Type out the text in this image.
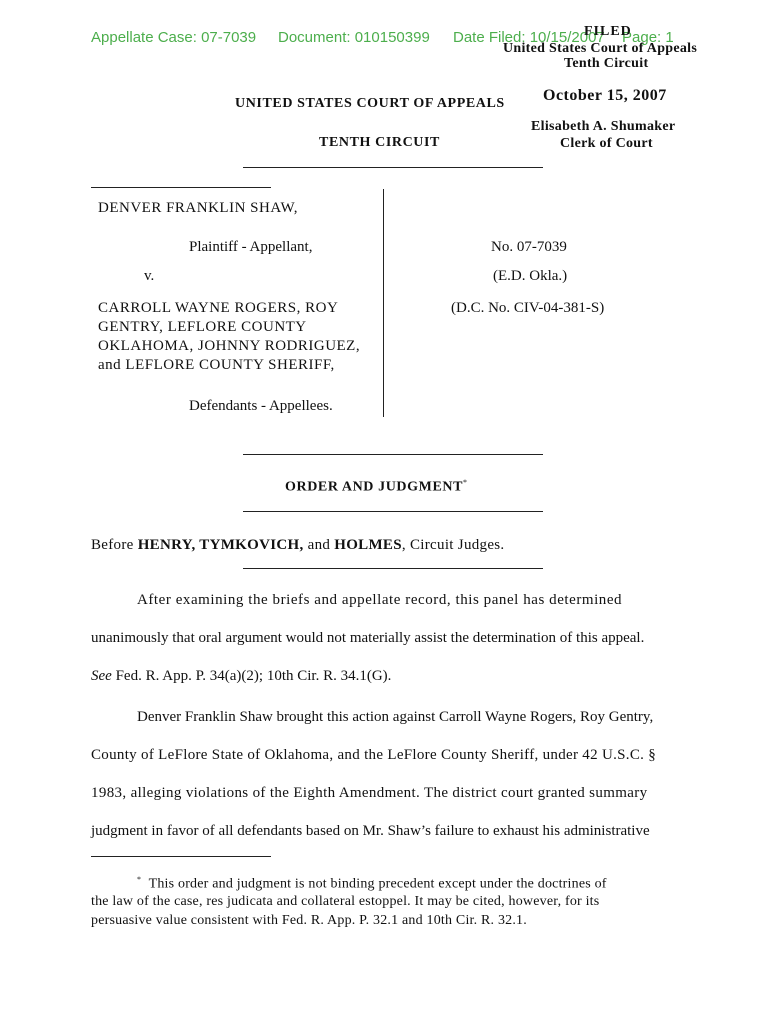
Appellate Case: 07-7039 Document: 010150399 Date Filed: 10/15/2007 Page: 1
FILED
United States Court of Appeals
Tenth Circuit
October 15, 2007
Elisabeth A. Shumaker
Clerk of Court
UNITED STATES COURT OF APPEALS
TENTH CIRCUIT
DENVER FRANKLIN SHAW,
Plaintiff - Appellant,
v.
CARROLL WAYNE ROGERS, ROY
GENTRY, LEFLORE COUNTY
OKLAHOMA, JOHNNY RODRIGUEZ,
and LEFLORE COUNTY SHERIFF,
Defendants - Appellees.
No. 07-7039
(E.D. Okla.)
(D.C. No. CIV-04-381-S)
ORDER AND JUDGMENT*
Before HENRY, TYMKOVICH, and HOLMES, Circuit Judges.
After examining the briefs and appellate record, this panel has determined
unanimously that oral argument would not materially assist the determination of this appeal.
See Fed. R. App. P. 34(a)(2); 10th Cir. R. 34.1(G).
Denver Franklin Shaw brought this action against Carroll Wayne Rogers, Roy Gentry,
County of LeFlore State of Oklahoma, and the LeFlore County Sheriff, under 42 U.S.C. §
1983, alleging violations of the Eighth Amendment. The district court granted summary
judgment in favor of all defendants based on Mr. Shaw’s failure to exhaust his administrative
* This order and judgment is not binding precedent except under the doctrines of
the law of the case, res judicata and collateral estoppel. It may be cited, however, for its
persuasive value consistent with Fed. R. App. P. 32.1 and 10th Cir. R. 32.1.
